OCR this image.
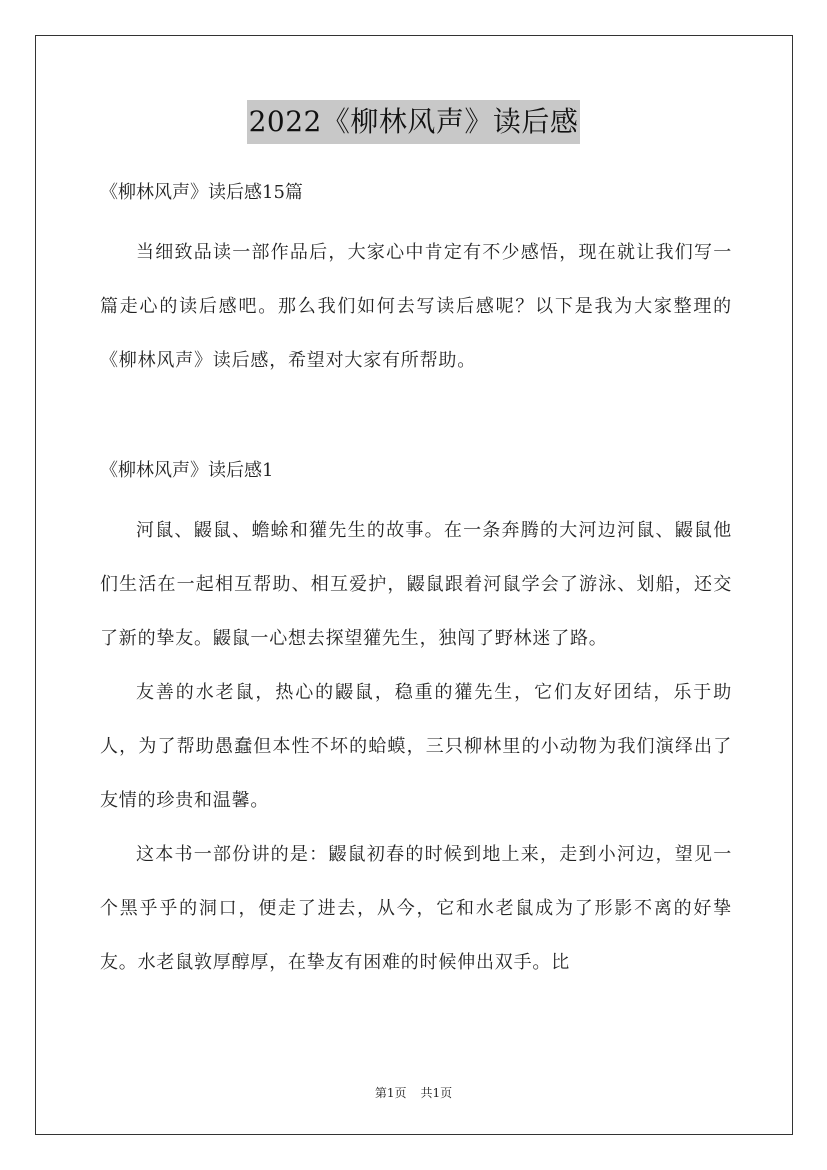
2022《柳林风声》读后感

《柳林风声》读后感15篇

当细致品读一部作品后，大家心中肯定有不少感悟，现在就让我们写一篇走心的读后感吧。那么我们如何去写读后感呢？以下是我为大家整理的《柳林风声》读后感，希望对大家有所帮助。

《柳林风声》读后感1

河鼠、鼹鼠、蟾蜍和獾先生的故事。在一条奔腾的大河边河鼠、鼹鼠他们生活在一起相互帮助、相互爱护，鼹鼠跟着河鼠学会了游泳、划船，还交了新的挚友。鼹鼠一心想去探望獾先生，独闯了野林迷了路。

友善的水老鼠，热心的鼹鼠，稳重的獾先生，它们友好团结，乐于助人，为了帮助愚蠢但本性不坏的蛤蟆，三只柳林里的小动物为我们演绎出了友情的珍贵和温馨。

这本书一部份讲的是：鼹鼠初春的时候到地上来，走到小河边，望见一个黑乎乎的洞口，便走了进去，从今，它和水老鼠成为了形影不离的好挚友。水老鼠敦厚醇厚，在挚友有困难的时候伸出双手。比

第1页 共1页
